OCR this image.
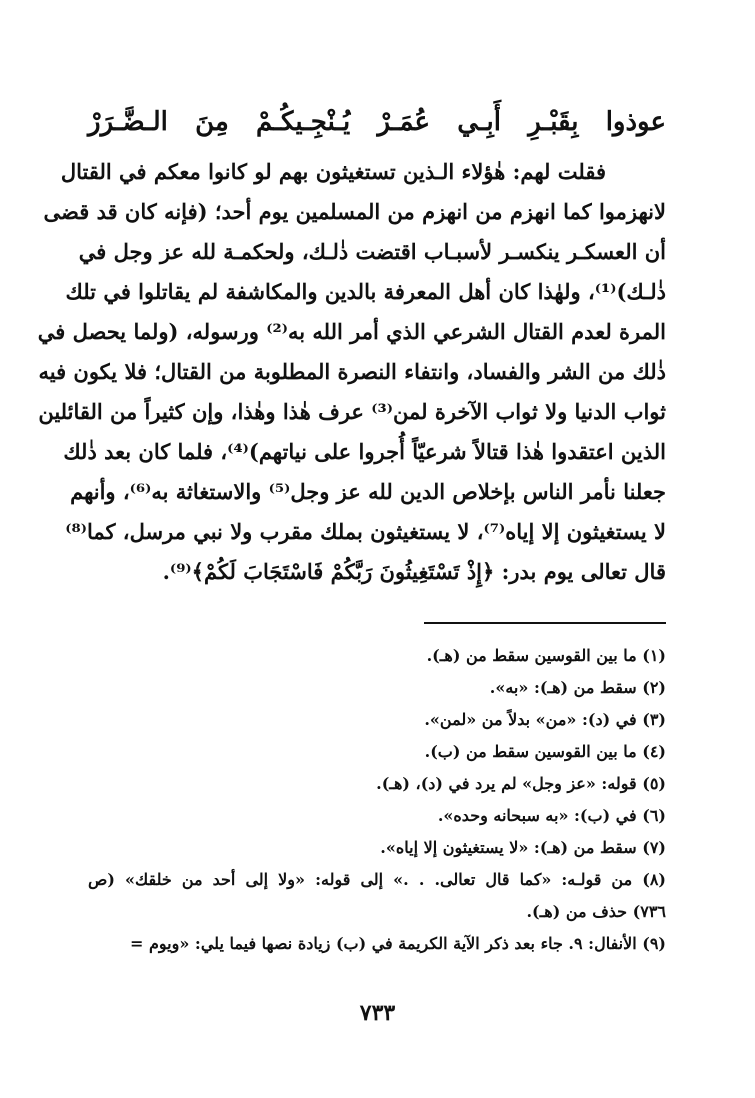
عوذوا
بِقَبْـرِ
أَبِـي
عُمَـرْ
يُـنْجِـيكُـمْ
مِنَ
الـضَّـرَرْ
فقلت لهم: هٰؤلاء الـذين تستغيثون بهم لو كانوا معكم في القتال
لانهزموا كما انهزم من انهزم من المسلمين يوم أحد؛ (فإنه كان قد قضى
أن العسكـر ينكسـر لأسبـاب اقتضت ذٰلـك، ولحكمـة لله عز وجل في
ذٰلـك)⁽¹⁾، ولهٰذا كان أهل المعرفة بالدين والمكاشفة لم يقاتلوا في تلك
المرة لعدم القتال الشرعي الذي أمر الله به⁽²⁾ ورسوله، (ولما يحصل في
ذٰلك من الشر والفساد، وانتفاء النصرة المطلوبة من القتال؛ فلا يكون فيه
ثواب الدنيا ولا ثواب الآخرة لمن⁽³⁾ عرف هٰذا وهٰذا، وإن كثيراً من القائلين
الذين اعتقدوا هٰذا قتالاً شرعيّاً أُجروا على نياتهم)⁽⁴⁾، فلما كان بعد ذٰلك
جعلنا نأمر الناس بإخلاص الدين لله عز وجل⁽⁵⁾ والاستغاثة به⁽⁶⁾، وأنهم
لا يستغيثون إلا إياه⁽⁷⁾، لا يستغيثون بملك مقرب ولا نبي مرسل، كما⁽⁸⁾
قال تعالى يوم بدر: ﴿إِذْ تَسْتَغِيثُونَ رَبَّكُمْ فَاسْتَجَابَ لَكُمْ﴾⁽⁹⁾.
(١) ما بين القوسين سقط من (هـ).
(٢) سقط من (هـ): «به».
(٣) في (د): «من» بدلاً من «لمن».
(٤) ما بين القوسين سقط من (ب).
(٥) قوله: «عز وجل» لم يرد في (د)، (هـ).
(٦) في (ب): «به سبحانه وحده».
(٧) سقط من (هـ): «لا يستغيثون إلا إياه».
(٨) من قولـه: «كما قال تعالى. . .» إلى قوله: «ولا إلى أحد من خلقك» (ص
٧٣٦) حذف من (هـ).
(٩) الأنفال: ٩. جاء بعد ذكر الآية الكريمة في (ب) زيادة نصها فيما يلي: «ويوم =
٧٣٣
